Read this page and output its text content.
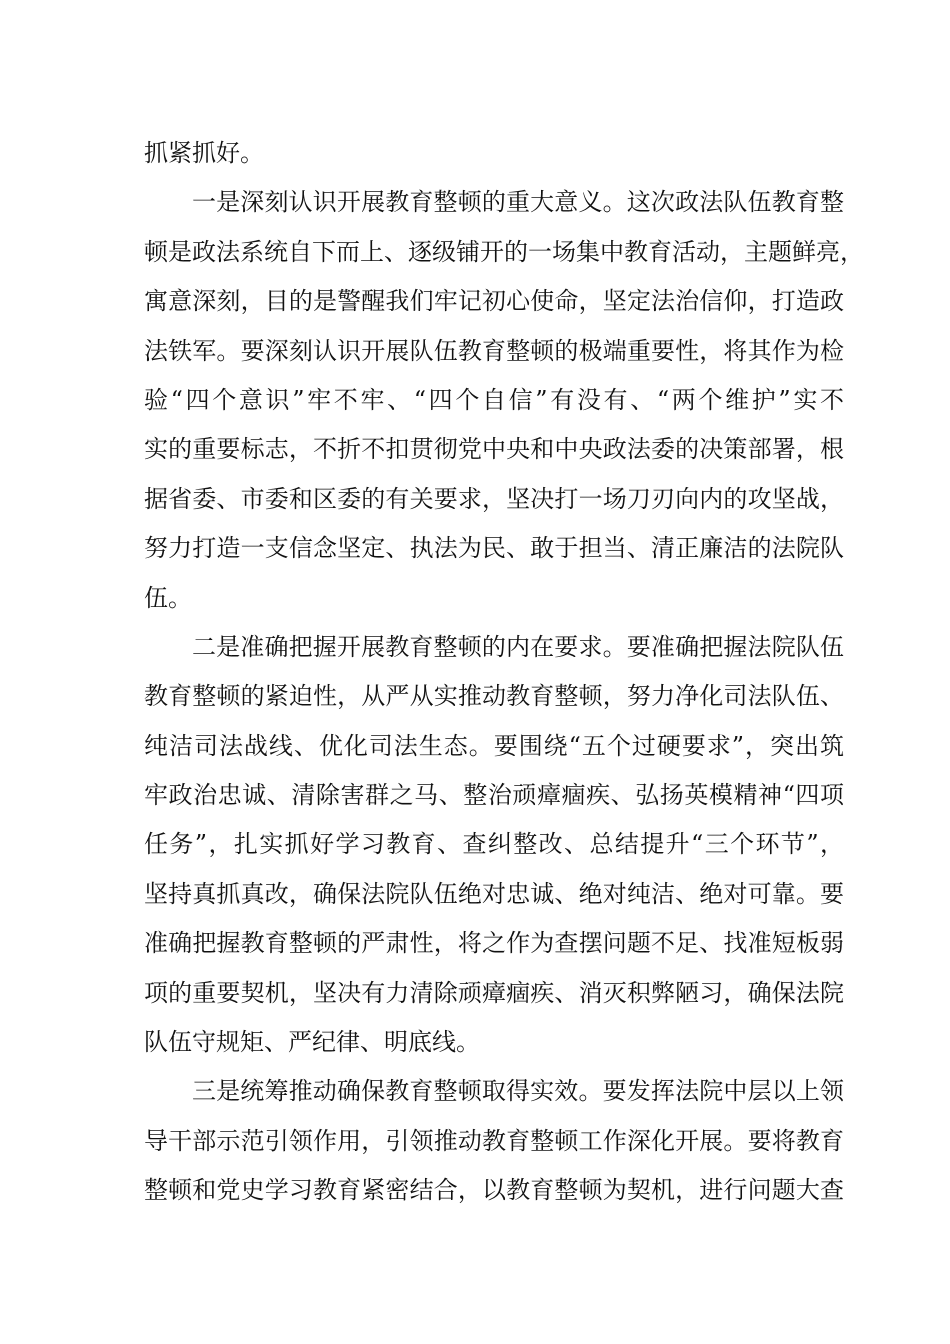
抓紧抓好。
一是深刻认识开展教育整顿的重大意义。这次政法队伍教育整
顿是政法系统自下而上、逐级铺开的一场集中教育活动，主题鲜亮，
寓意深刻，目的是警醒我们牢记初心使命，坚定法治信仰，打造政
法铁军。要深刻认识开展队伍教育整顿的极端重要性，将其作为检
验“四个意识”牢不牢、“四个自信”有没有、“两个维护”实不
实的重要标志，不折不扣贯彻党中央和中央政法委的决策部署，根
据省委、市委和区委的有关要求，坚决打一场刀刃向内的攻坚战，
努力打造一支信念坚定、执法为民、敢于担当、清正廉洁的法院队
伍。
二是准确把握开展教育整顿的内在要求。要准确把握法院队伍
教育整顿的紧迫性，从严从实推动教育整顿，努力净化司法队伍、
纯洁司法战线、优化司法生态。要围绕“五个过硬要求”，突出筑
牢政治忠诚、清除害群之马、整治顽瘴痼疾、弘扬英模精神“四项
任务”，扎实抓好学习教育、查纠整改、总结提升“三个环节”，
坚持真抓真改，确保法院队伍绝对忠诚、绝对纯洁、绝对可靠。要
准确把握教育整顿的严肃性，将之作为查摆问题不足、找准短板弱
项的重要契机，坚决有力清除顽瘴痼疾、消灭积弊陋习，确保法院
队伍守规矩、严纪律、明底线。
三是统筹推动确保教育整顿取得实效。要发挥法院中层以上领
导干部示范引领作用，引领推动教育整顿工作深化开展。要将教育
整顿和党史学习教育紧密结合，以教育整顿为契机，进行问题大查
